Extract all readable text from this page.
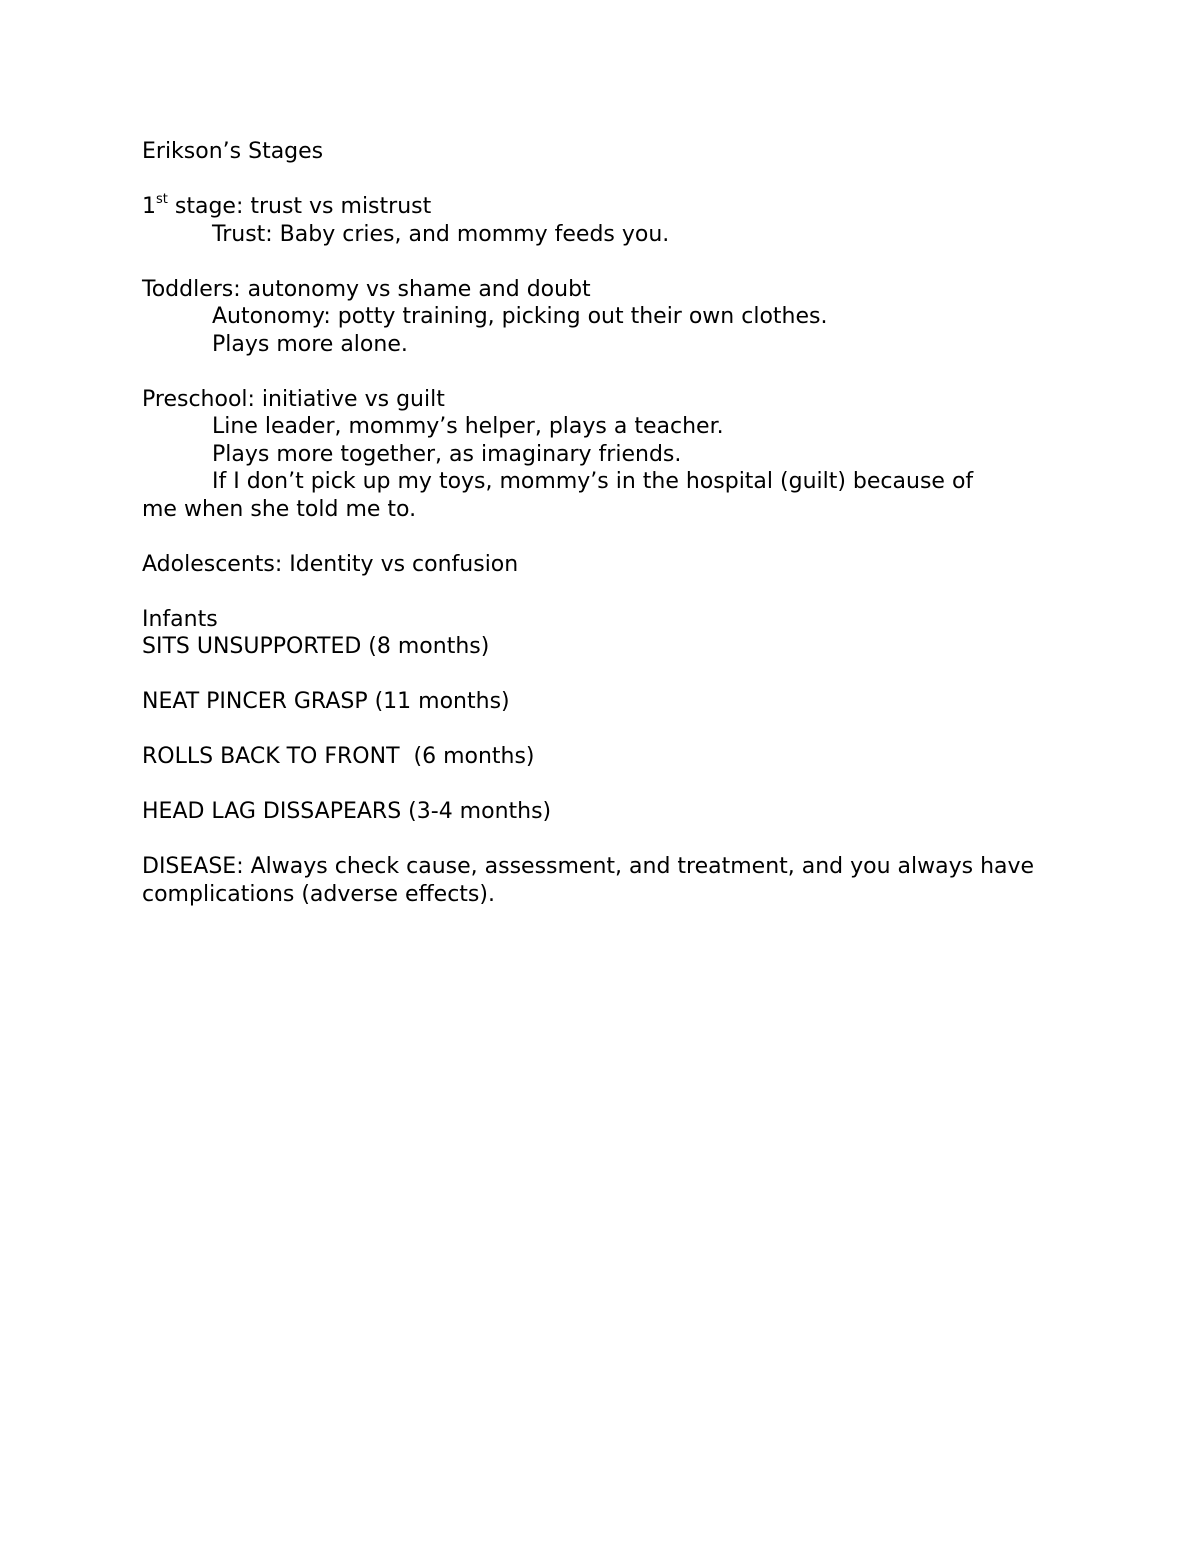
Erikson’s Stages

1st stage: trust vs mistrust

Trust: Baby cries, and mommy feeds you.

Toddlers: autonomy vs shame and doubt

Autonomy: potty training, picking out their own clothes.

Plays more alone.

Preschool: initiative vs guilt

Line leader, mommy’s helper, plays a teacher.

Plays more together, as imaginary friends.

If I don’t pick up my toys, mommy’s in the hospital (guilt) because of

me when she told me to.

Adolescents: Identity vs confusion

Infants

SITS UNSUPPORTED (8 months)

NEAT PINCER GRASP (11 months)

ROLLS BACK TO FRONT  (6 months)

HEAD LAG DISSAPEARS (3-4 months)

DISEASE: Always check cause, assessment, and treatment, and you always have complications (adverse effects).
